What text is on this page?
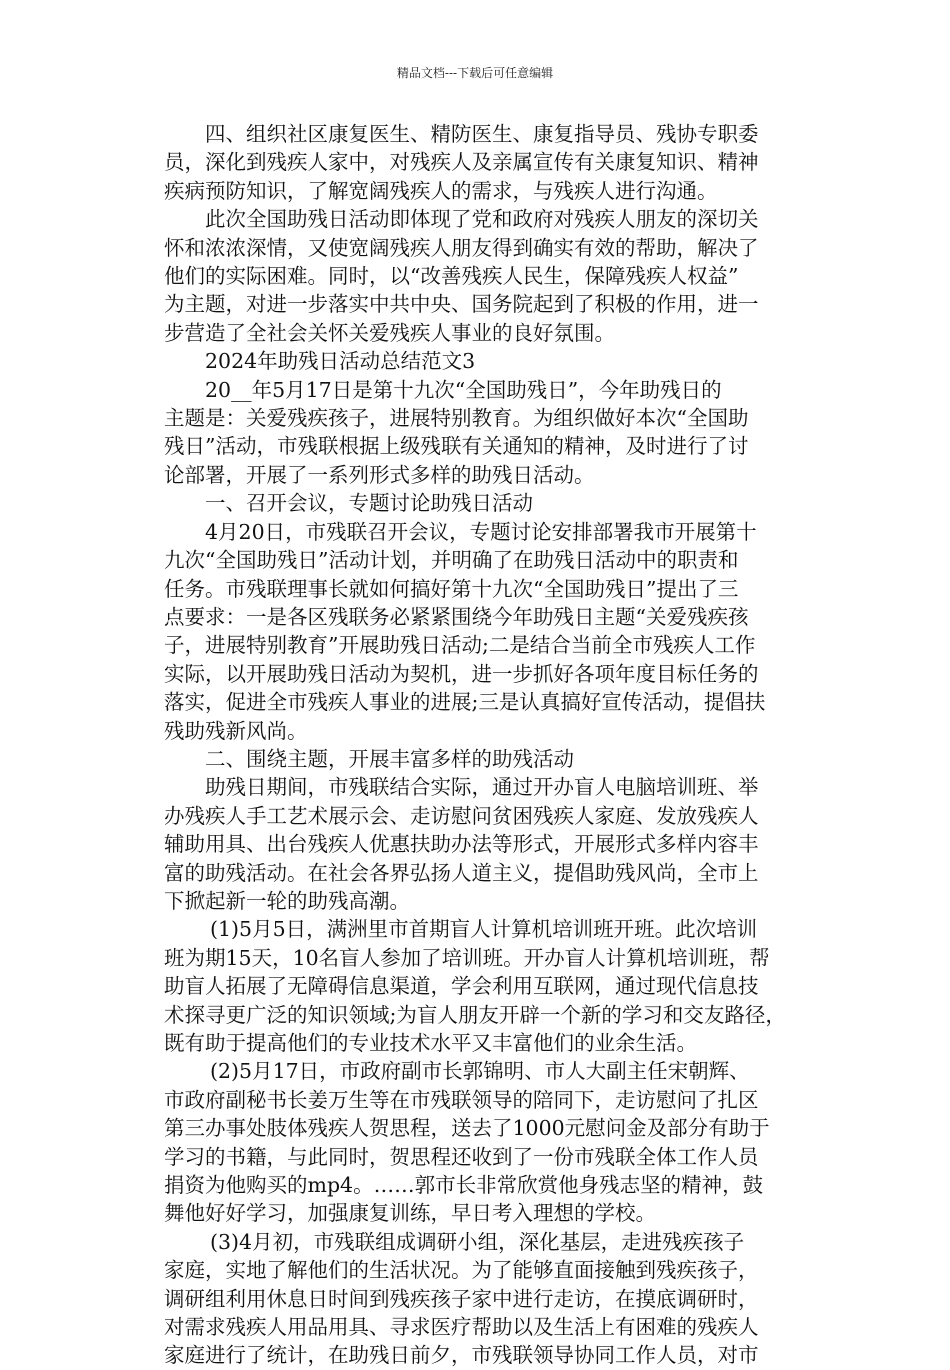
精品文档---下载后可任意编辑
四、组织社区康复医生、精防医生、康复指导员、残协专职委
员，深化到残疾人家中，对残疾人及亲属宣传有关康复知识、精神
疾病预防知识，了解宽阔残疾人的需求，与残疾人进行沟通。
此次全国助残日活动即体现了党和政府对残疾人朋友的深切关
怀和浓浓深情，又使宽阔残疾人朋友得到确实有效的帮助，解决了
他们的实际困难。同时，以“改善残疾人民生，保障残疾人权益”
为主题，对进一步落实中共中央、国务院起到了积极的作用，进一
步营造了全社会关怀关爱残疾人事业的良好氛围。
2024年助残日活动总结范文3
20__年5月17日是第十九次“全国助残日”，今年助残日的
主题是：关爱残疾孩子，进展特别教育。为组织做好本次“全国助
残日”活动，市残联根据上级残联有关通知的精神，及时进行了讨
论部署，开展了一系列形式多样的助残日活动。
一、召开会议，专题讨论助残日活动
4月20日，市残联召开会议，专题讨论安排部署我市开展第十
九次“全国助残日”活动计划，并明确了在助残日活动中的职责和
任务。市残联理事长就如何搞好第十九次“全国助残日”提出了三
点要求：一是各区残联务必紧紧围绕今年助残日主题“关爱残疾孩
子，进展特别教育”开展助残日活动;二是结合当前全市残疾人工作
实际，以开展助残日活动为契机，进一步抓好各项年度目标任务的
落实，促进全市残疾人事业的进展;三是认真搞好宣传活动，提倡扶
残助残新风尚。
二、围绕主题，开展丰富多样的助残活动
助残日期间，市残联结合实际，通过开办盲人电脑培训班、举
办残疾人手工艺术展示会、走访慰问贫困残疾人家庭、发放残疾人
辅助用具、出台残疾人优惠扶助办法等形式，开展形式多样内容丰
富的助残活动。在社会各界弘扬人道主义，提倡助残风尚，全市上
下掀起新一轮的助残高潮。
(1)5月5日，满洲里市首期盲人计算机培训班开班。此次培训
班为期15天，10名盲人参加了培训班。开办盲人计算机培训班，帮
助盲人拓展了无障碍信息渠道，学会利用互联网，通过现代信息技
术探寻更广泛的知识领域;为盲人朋友开辟一个新的学习和交友路径，
既有助于提高他们的专业技术水平又丰富他们的业余生活。
(2)5月17日，市政府副市长郭锦明、市人大副主任宋朝辉、
市政府副秘书长姜万生等在市残联领导的陪同下，走访慰问了扎区
第三办事处肢体残疾人贺思程，送去了1000元慰问金及部分有助于
学习的书籍，与此同时，贺思程还收到了一份市残联全体工作人员
捐资为他购买的mp4。……郭市长非常欣赏他身残志坚的精神，鼓
舞他好好学习，加强康复训练，早日考入理想的学校。
(3)4月初，市残联组成调研小组，深化基层，走进残疾孩子
家庭，实地了解他们的生活状况。为了能够直面接触到残疾孩子，
调研组利用休息日时间到残疾孩子家中进行走访，在摸底调研时，
对需求残疾人用品用具、寻求医疗帮助以及生活上有困难的残疾人
家庭进行了统计，在助残日前夕，市残联领导协同工作人员，对市
